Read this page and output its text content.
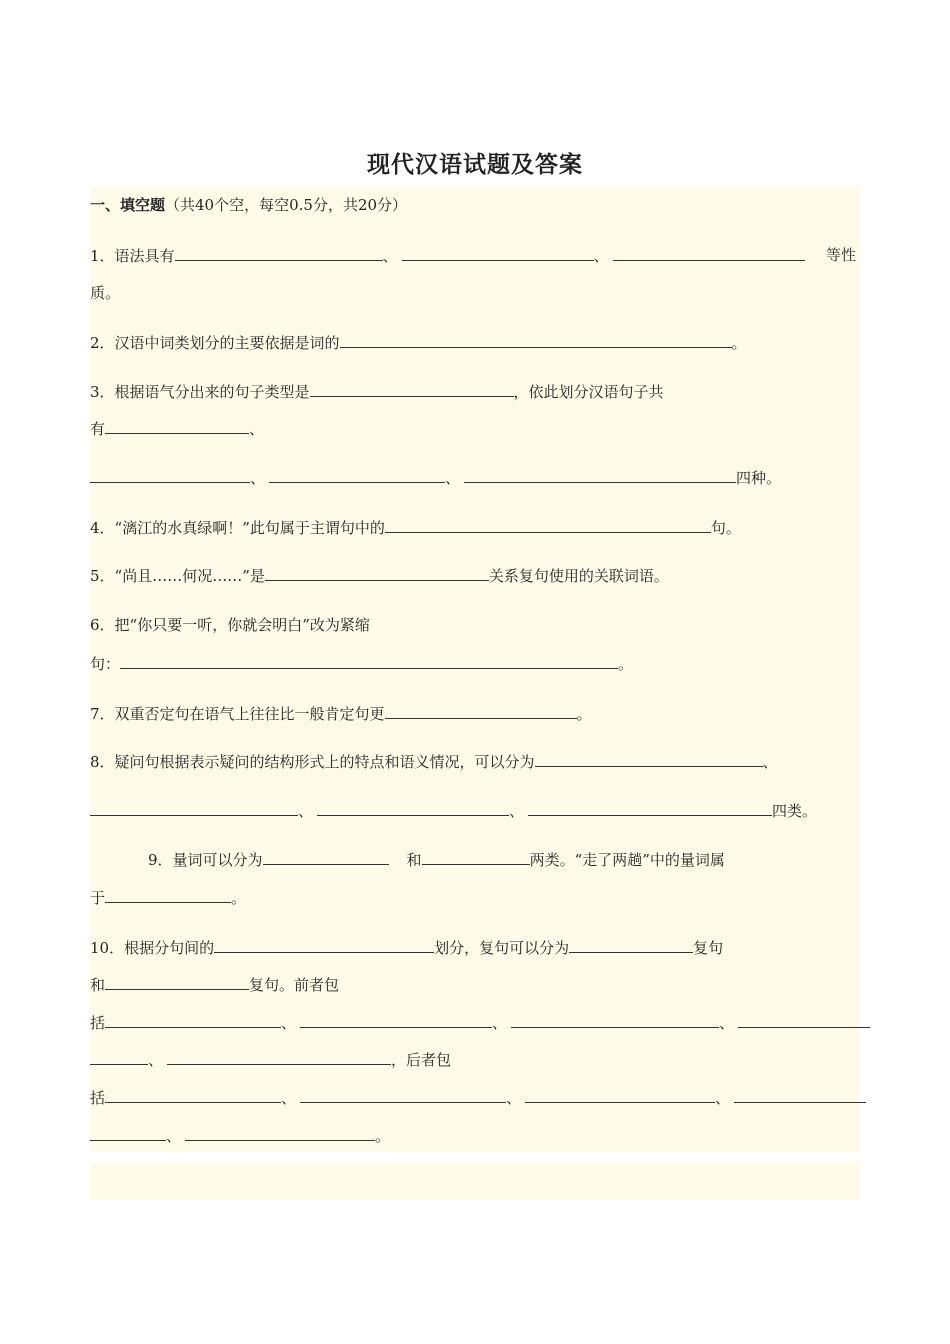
现代汉语试题及答案
一、填空题（共40个空，每空0.5分，共20分）
1．语法具有	、	、	等性
质。
2．汉语中词类划分的主要依据是词的	。
3．根据语气分出来的句子类型是	，依此划分汉语句子共
有	、
、	、	四种。
4．“漓江的水真绿啊！”此句属于主谓句中的	句。
5．“尚且……何况……”是	关系复句使用的关联词语。
6．把“你只要一听，你就会明白”改为紧缩
句：	。
7．双重否定句在语气上往往比一般肯定句更	。
8．疑问句根据表示疑问的结构形式上的特点和语义情况，可以分为	、
、	、	四类。
9．量词可以分为	和	两类。“走了两趟”中的量词属
于	。
10．根据分句间的	划分，复句可以分为	复句
和	复句。前者包
括	、	、	、
、	，后者包
括	、	、	、
、	。
